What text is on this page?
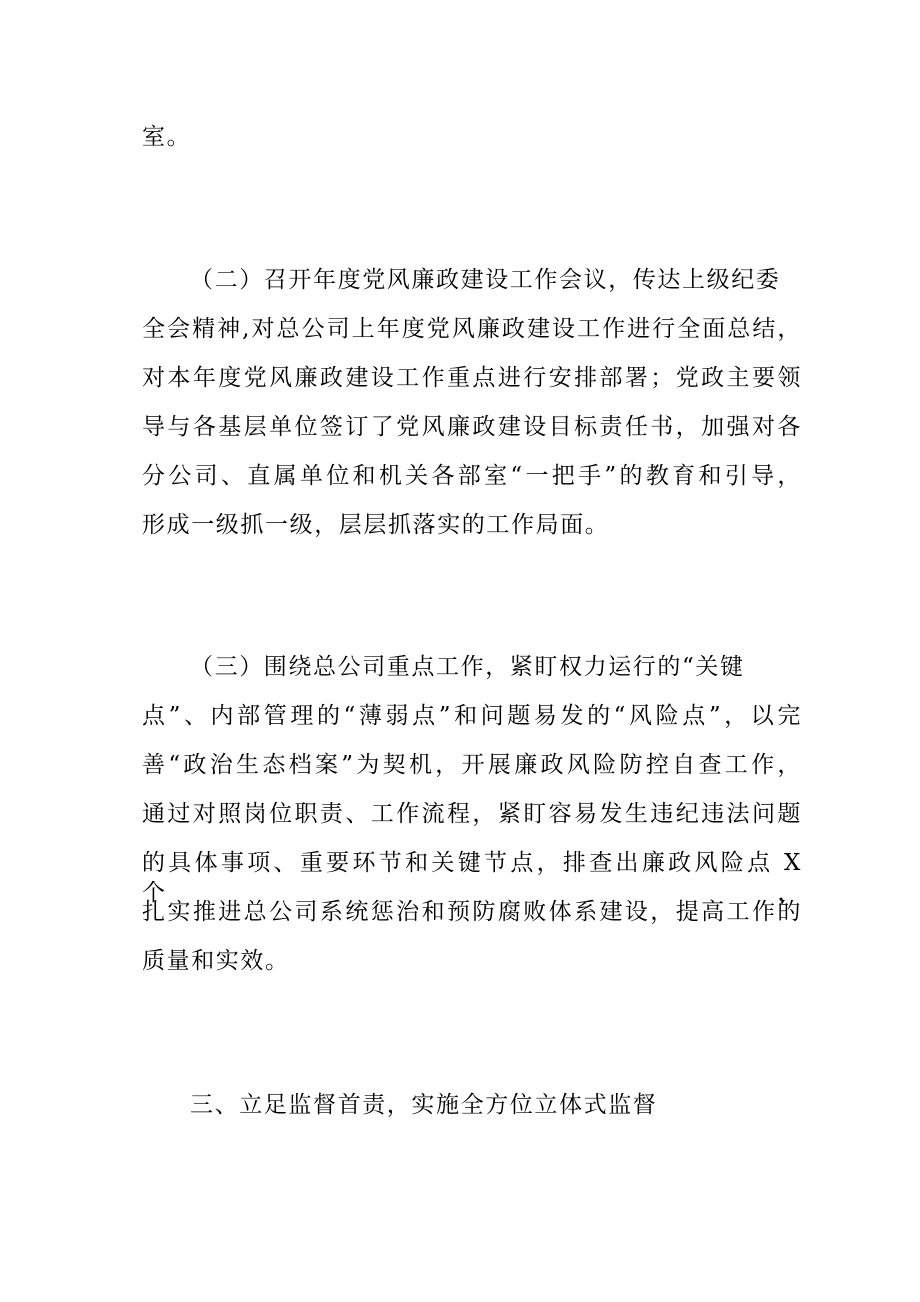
室。
（二）召开年度党风廉政建设工作会议，传达上级纪委
全会精神,对总公司上年度党风廉政建设工作进行全面总结，
对本年度党风廉政建设工作重点进行安排部署；党政主要领
导与各基层单位签订了党风廉政建设目标责任书，加强对各
分公司、直属单位和机关各部室“一把手”的教育和引导，
形成一级抓一级，层层抓落实的工作局面。
（三）围绕总公司重点工作，紧盯权力运行的“关键
点”、内部管理的“薄弱点”和问题易发的“风险点”，以完
善“政治生态档案”为契机，开展廉政风险防控自查工作，
通过对照岗位职责、工作流程，紧盯容易发生违纪违法问题
的具体事项、重要环节和关键节点，排查出廉政风险点 X 个，
扎实推进总公司系统惩治和预防腐败体系建设，提高工作的
质量和实效。
三、立足监督首责，实施全方位立体式监督
